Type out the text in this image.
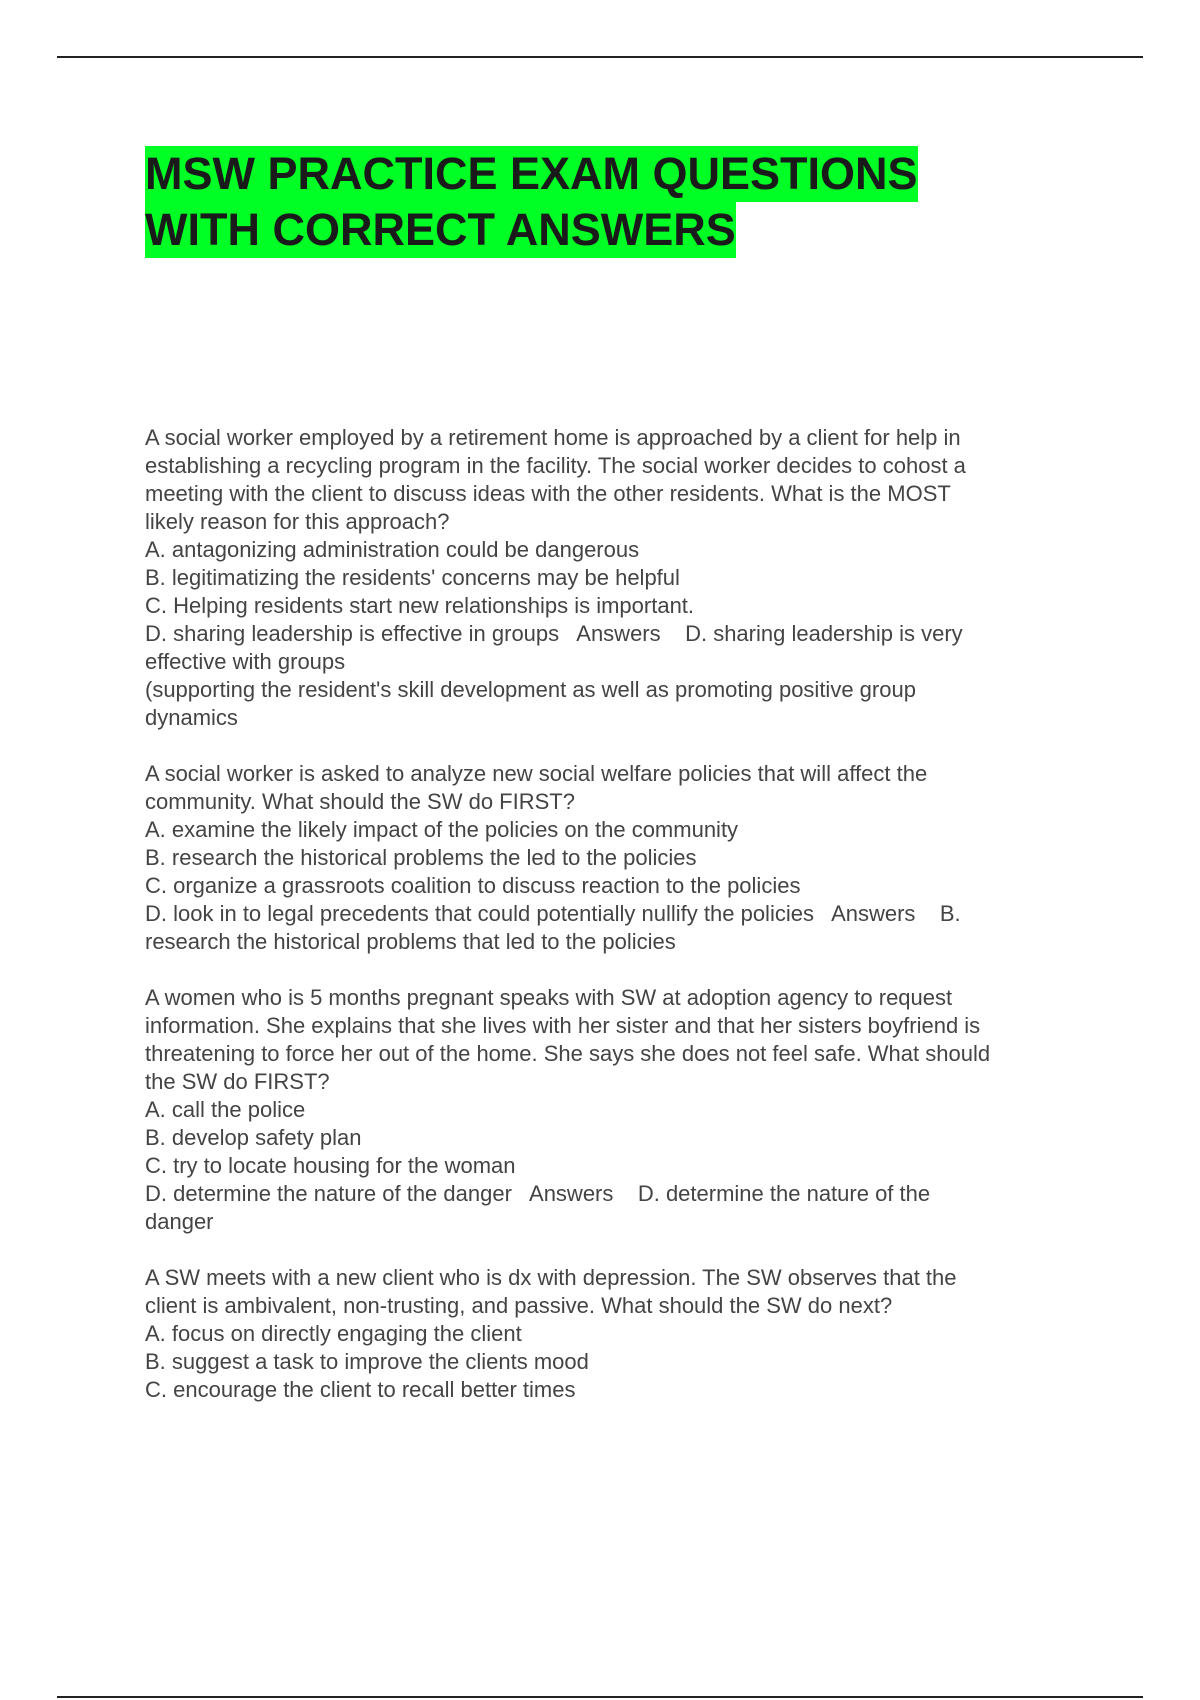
MSW PRACTICE EXAM QUESTIONS
WITH CORRECT ANSWERS
A social worker employed by a retirement home is approached by a client for help in
establishing a recycling program in the facility. The social worker decides to cohost a
meeting with the client to discuss ideas with the other residents. What is the MOST
likely reason for this approach?
A. antagonizing administration could be dangerous
B. legitimatizing the residents' concerns may be helpful
C. Helping residents start new relationships is important.
D. sharing leadership is effective in groups   Answers    D. sharing leadership is very
effective with groups
(supporting the resident's skill development as well as promoting positive group
dynamics
A social worker is asked to analyze new social welfare policies that will affect the
community. What should the SW do FIRST?
A. examine the likely impact of the policies on the community
B. research the historical problems the led to the policies
C. organize a grassroots coalition to discuss reaction to the policies
D. look in to legal precedents that could potentially nullify the policies   Answers    B.
research the historical problems that led to the policies
A women who is 5 months pregnant speaks with SW at adoption agency to request
information. She explains that she lives with her sister and that her sisters boyfriend is
threatening to force her out of the home. She says she does not feel safe. What should
the SW do FIRST?
A. call the police
B. develop safety plan
C. try to locate housing for the woman
D. determine the nature of the danger   Answers    D. determine the nature of the
danger
A SW meets with a new client who is dx with depression. The SW observes that the
client is ambivalent, non-trusting, and passive. What should the SW do next?
A. focus on directly engaging the client
B. suggest a task to improve the clients mood
C. encourage the client to recall better times
